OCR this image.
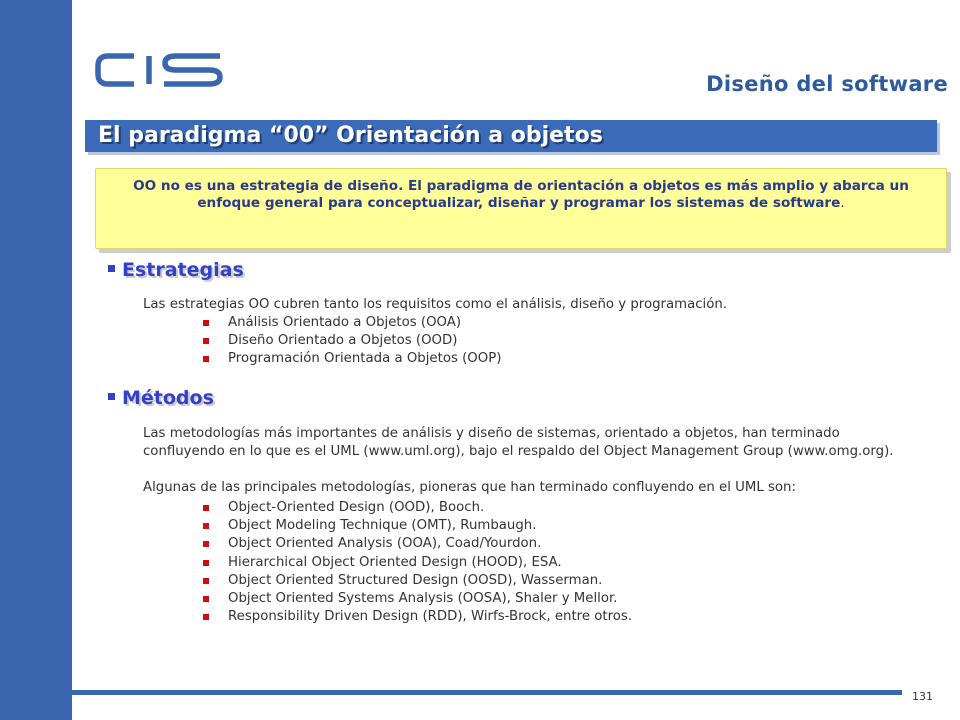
Diseño del software
El paradigma “00” Orientación a objetos

OO no es una estrategia de diseño. El paradigma de orientación a objetos es más amplio y abarca un enfoque general para conceptualizar, diseñar y programar los sistemas de software.

Estrategias

Las estrategias OO cubren tanto los requisitos como el análisis, diseño y programación.

Análisis Orientado a Objetos (OOA)
Diseño Orientado a Objetos (OOD)
Programación Orientada a Objetos (OOP)
Métodos

Las metodologías más importantes de análisis y diseño de sistemas, orientado a objetos, han terminado confluyendo en lo que es el UML (www.uml.org), bajo el respaldo del Object Management Group (www.omg.org).

Algunas de las principales metodologías, pioneras que han terminado confluyendo en el UML son:

Object-Oriented Design (OOD), Booch.
Object Modeling Technique (OMT), Rumbaugh.
Object Oriented Analysis (OOA), Coad/Yourdon.
Hierarchical Object Oriented Design (HOOD), ESA.
Object Oriented Structured Design (OOSD), Wasserman.
Object Oriented Systems Analysis (OOSA), Shaler y Mellor.
Responsibility Driven Design (RDD), Wirfs-Brock, entre otros.
131
